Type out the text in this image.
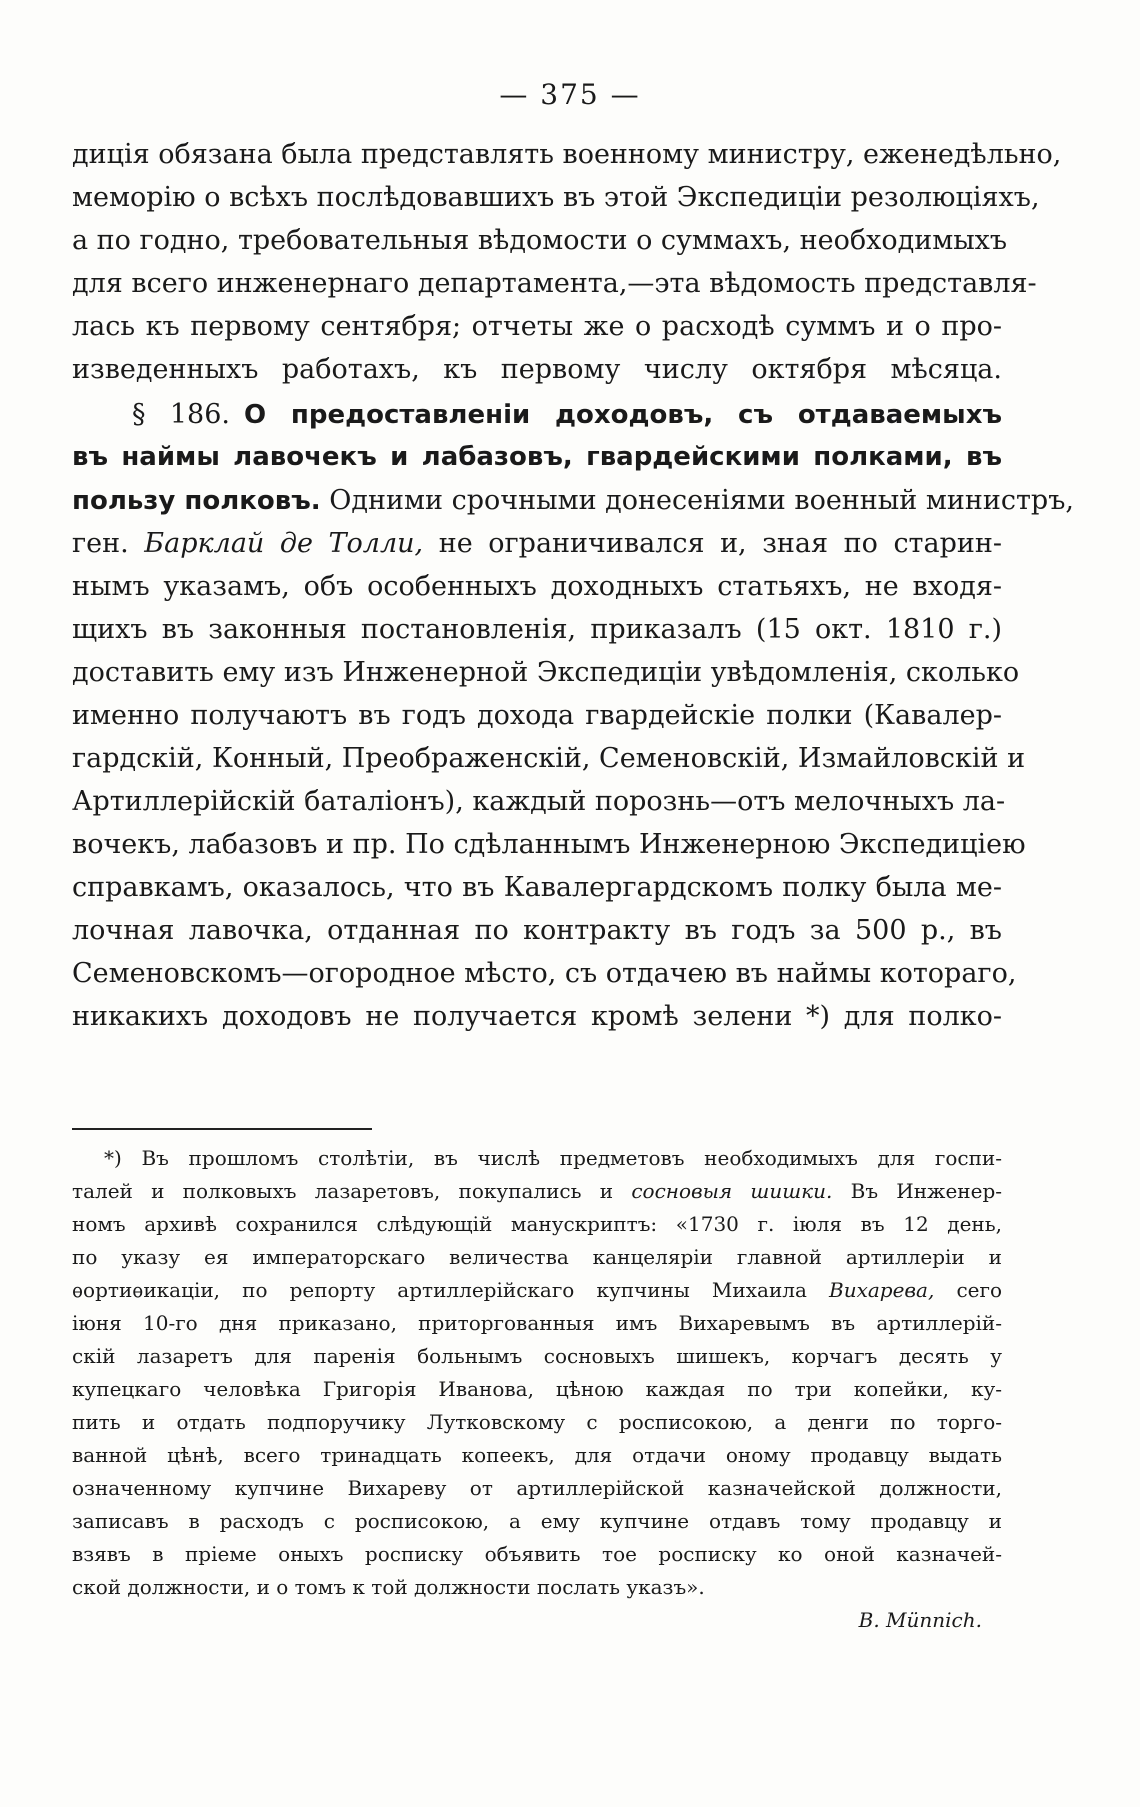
— 375 —
диція обязана была представлять военному министру, еженедѣльно,
меморію о всѣхъ послѣдовавшихъ въ этой Экспедиціи резолюціяхъ,
а по годно, требовательныя вѣдомости о суммахъ, необходимыхъ
для всего инженернаго департамента,—эта вѣдомость представля-
лась къ первому сентября; отчеты же о расходѣ суммъ и о про-
изведенныхъ работахъ, къ первому числу октября мѣсяца.
§ 186. О предоставленіи доходовъ, съ отдаваемыхъ
въ наймы лавочекъ и лабазовъ, гвардейскими полками, въ
пользу полковъ. Одними срочными донесеніями военный министръ,
ген. Барклай де Толли, не ограничивался и, зная по старин-
нымъ указамъ, объ особенныхъ доходныхъ статьяхъ, не входя-
щихъ въ законныя постановленія, приказалъ (15 окт. 1810 г.)
доставить ему изъ Инженерной Экспедиціи увѣдомленія, сколько
именно получаютъ въ годъ дохода гвардейскіе полки (Кавалер-
гардскій, Конный, Преображенскій, Семеновскій, Измайловскій и
Артиллерійскій баталіонъ), каждый порознь—отъ мелочныхъ ла-
вочекъ, лабазовъ и пр. По сдѣланнымъ Инженерною Экспедиціею
справкамъ, оказалось, что въ Кавалергардскомъ полку была ме-
лочная лавочка, отданная по контракту въ годъ за 500 р., въ
Семеновскомъ—огородное мѣсто, съ отдачею въ наймы котораго,
никакихъ доходовъ не получается кромѣ зелени *) для полко-
*) Въ прошломъ столѣтіи, въ числѣ предметовъ необходимыхъ для госпи-
талей и полковыхъ лазаретовъ, покупались и сосновыя шишки. Въ Инженер-
номъ архивѣ сохранился слѣдующій манускриптъ: «1730 г. іюля въ 12 день,
по указу ея императорскаго величества канцеляріи главной артиллеріи и
ѳортиѳикаціи, по репорту артиллерійскаго купчины Михаила Вихарева, сего
іюня 10-го дня приказано, приторгованныя имъ Вихаревымъ въ артиллерій-
скій лазаретъ для паренія больнымъ сосновыхъ шишекъ, корчагъ десять у
купецкаго человѣка Григорія Иванова, цѣною каждая по три копейки, ку-
пить и отдать подпоручику Лутковскому с росписокою, а денги по торго-
ванной цѣнѣ, всего тринадцать копеекъ, для отдачи оному продавцу выдать
означенному купчине Вихареву от артиллерійской казначейской должности,
записавъ в расходъ с росписокою, а ему купчине отдавъ тому продавцу и
взявъ в пріеме оныхъ росписку объявить тое росписку ко оной казначей-
ской должности, и о томъ к той должности послать указъ».
B. Münnich.
